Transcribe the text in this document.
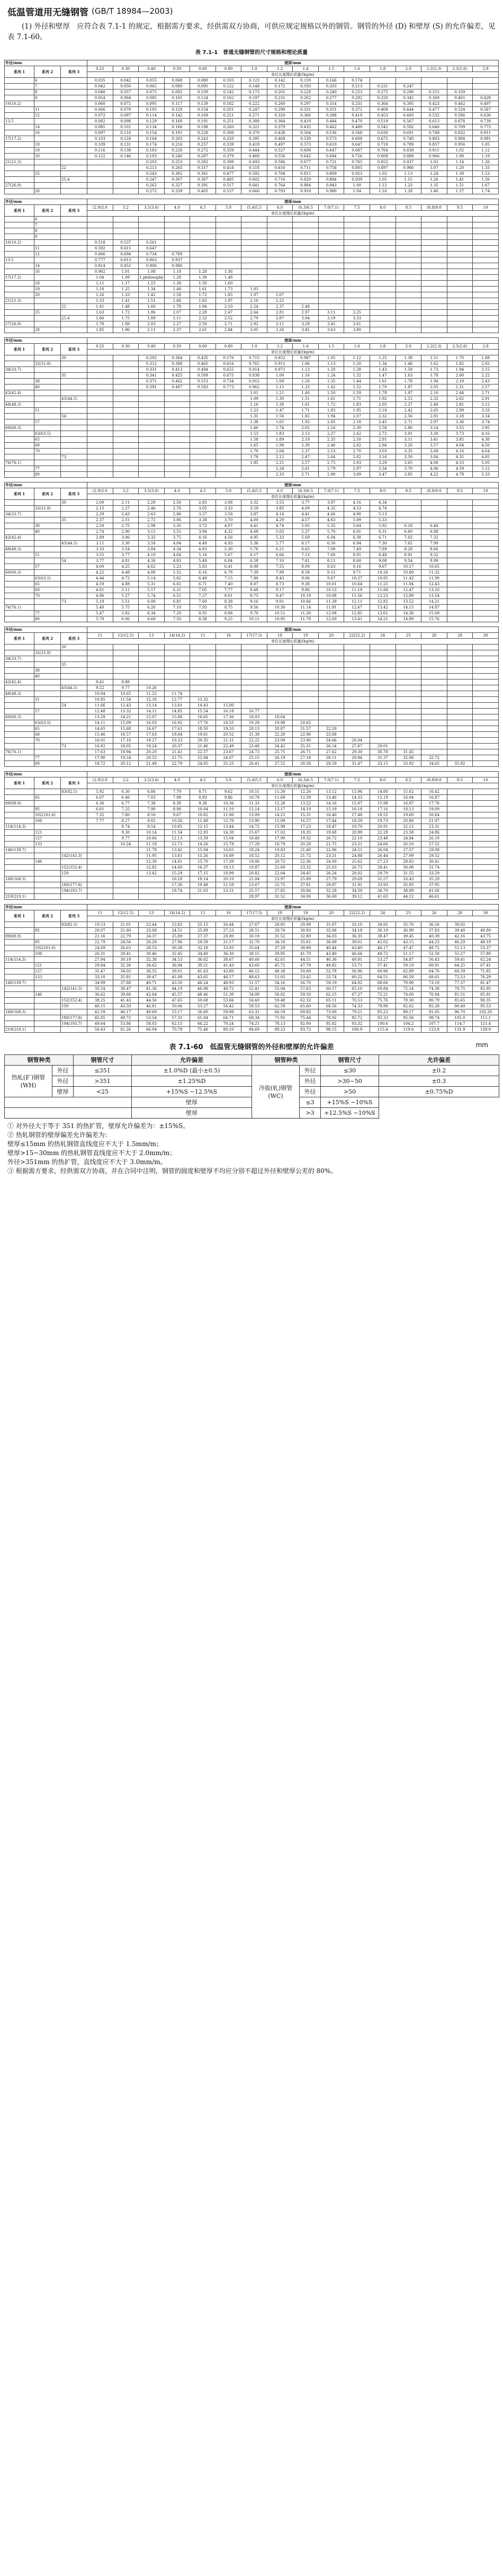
低温管道用无缝钢管 (GB/T 18984—2003)
(1) 外径和壁厚　应符合表 7.1-1 的规定，根据需方要求，经供需双方协商，可供应规定规格以外的钢管。钢管的外径 (D) 和壁厚 (S) 的允许偏差，见表 7.1-60。
表 7.1-1　普通无缝钢管的尺寸规格和理论质量
外径/mm			壁厚/mm															
系列 1	系列 2	系列 3	0.25	0.30	0.40	0.50	0.60	0.80	1.0	1.2	1.4	1.5	1.6	1.8	2.0	2.2(2.3)	2.5(2.6)	2.8
			单位长度理论质量/(kg/m)															
	6		0.035	0.042	0.055	0.068	0.080	0.103	0.123	0.142	0.159	0.166	0.174					
	7		0.042	0.050	0.065	0.080	0.095	0.122	0.148	0.172	0.193	0.203	0.213	0.231	0.247			
	8		0.048	0.057	0.075	0.092	0.109	0.142	0.173	0.201	0.228	0.240	0.253	0.275	0.296	0.315	0.339	
	9		0.054	0.064	0.085	0.105	0.124	0.162	0.197	0.231	0.262	0.277	0.292	0.320	0.345	0.369	0.401	0.428
10(10.2)			0.060	0.072	0.095	0.117	0.139	0.182	0.222	0.260	0.297	0.314	0.331	0.364	0.395	0.423	0.462	0.497
	11		0.066	0.079	0.105	0.129	0.154	0.201	0.247	0.290	0.331	0.351	0.371	0.408	0.444	0.477	0.524	0.567
	12		0.072	0.087	0.114	0.142	0.169	0.221	0.271	0.320	0.366	0.388	0.410	0.453	0.493	0.532	0.586	0.636
13.5			0.082	0.098	0.129	0.160	0.191	0.251	0.308	0.364	0.418	0.444	0.470	0.519	0.567	0.613	0.678	0.739
	14		0.085	0.101	0.134	0.166	0.198	0.260	0.321	0.379	0.435	0.462	0.489	0.542	0.592	0.640	0.709	0.773
	16		0.097	0.116	0.154	0.191	0.228	0.300	0.370	0.438	0.504	0.536	0.568	0.630	0.691	0.749	0.832	0.911
17(17.2)			0.103	0.124	0.164	0.203	0.243	0.320	0.395	0.468	0.539	0.573	0.608	0.675	0.740	0.803	0.894	0.981
	18		0.109	0.131	0.174	0.216	0.257	0.339	0.419	0.497	0.573	0.610	0.647	0.719	0.789	0.857	0.956	1.05
	19		0.116	0.138	0.183	0.228	0.272	0.359	0.444	0.527	0.608	0.647	0.687	0.764	0.838	0.911	1.02	1.12
	20		0.122	0.146	0.193	0.240	0.287	0.379	0.469	0.556	0.642	0.684	0.726	0.808	0.888	0.966	1.08	1.19
21(21.3)					0.203	0.253	0.302	0.399	0.493	0.586	0.677	0.721	0.765	0.852	0.937	1.02	1.14	1.26
		22			0.213	0.265	0.317	0.418	0.518	0.616	0.711	0.758	0.805	0.897	0.986	1.07	1.20	1.33
	25				0.243	0.302	0.361	0.477	0.592	0.704	0.815	0.869	0.923	1.03	1.13	1.24	1.39	1.53
		25.4			0.247	0.307	0.367	0.485	0.602	0.716	0.829	0.884	0.939	1.05	1.15	1.26	1.41	1.56
27(26.9)					0.262	0.327	0.391	0.517	0.641	0.764	0.884	0.943	1.00	1.12	1.23	1.35	1.51	1.67
	28				0.272	0.339	0.405	0.537	0.666	0.793	0.918	0.980	1.04	1.16	1.28	1.40	1.57	1.74
外径/mm			壁厚/mm															
系列 1	系列 2	系列 3	(2.9)3.0	3.2	3.5(3.6)	4.0	4.5	5.0	(5.4)5.5	6.0	(6.3)6.5	7.0(7.1)	7.5	8.0	8.5	(8.8)9.0	9.5	10
			单位长度理论质量/(kg/m)															
	6																	
	7																	
	8																	
	9																	
10(10.2)			0.518	0.537	0.561													
	11		0.592	0.615	0.647													
	12		0.666	0.694	0.734	0.789												
13.5			0.777	0.813	0.863	0.937												
	14		0.814	0.852	0.906	0.986												
	16		0.962	1.01	1.08	1.18	1.28	1.36										
17(17.2)			1.04	1.09	1.philosophy	1.28	1.39	1.48										
	18		1.11	1.17	1.25	1.38	1.50	1.60										
	19		1.18	1.25	1.34	1.48	1.61	1.73	1.83									
	20		1.26	1.33	1.42	1.58	1.72	1.85	1.97	2.07								
21(21.3)			1.33	1.41	1.51	1.68	1.83	1.97	2.10	2.22								
		22	1.41	1.48	1.60	1.78	1.94	2.10	2.24	2.37	2.48							
	25		1.63	1.72	1.86	2.07	2.28	2.47	2.64	2.81	2.97	3.11	3.25					
		25.4	1.66	1.75	1.89	2.11	2.32	2.52	2.70	2.87	3.04	3.19	3.33					
27(26.9)			1.78	1.88	2.03	2.27	2.50	2.71	2.92	3.11	3.29	3.45	3.61					
	28		1.85	1.96	2.11	2.37	2.61	2.84	3.05	3.26	3.45	3.63	3.80					
外径/mm			壁厚/mm															
系列 1	系列 2	系列 3	0.25	0.30	0.40	0.50	0.60	0.80	1.0	1.2	1.4	1.5	1.6	1.8	2.0	2.2(2.3)	2.5(2.6)	2.8
			单位长度理论质量/(kg/m)															
		30			0.292	0.364	0.435	0.576	0.715	0.852	0.987	1.05	1.12	1.25	1.38	1.51	1.70	1.88
	32(31.8)				0.312	0.388	0.465	0.616	0.765	0.911	1.06	1.13	1.20	1.34	1.48	1.62	1.82	2.02
34(33.7)					0.331	0.413	0.494	0.655	0.814	0.971	1.13	1.20	1.28	1.43	1.58	1.73	1.94	2.15
		35			0.341	0.425	0.509	0.675	0.838	1.00	1.16	1.24	1.32	1.47	1.63	1.78	2.00	2.22
	38				0.371	0.462	0.553	0.734	0.912	1.09	1.26	1.35	1.44	1.61	1.78	1.94	2.19	2.43
	40				0.391	0.487	0.583	0.773	0.962	1.15	1.33	1.42	1.52	1.70	1.87	2.05	2.31	2.57
42(42.4)									1.01	1.21	1.40	1.50	1.59	1.78	1.97	2.16	2.44	2.71
		45(44.5)							1.09	1.30	1.51	1.61	1.71	1.92	2.12	2.32	2.62	2.91
48(48.3)									1.16	1.38	1.61	1.72	1.83	2.05	2.27	2.48	2.81	3.12
	51								1.23	1.47	1.71	1.83	1.95	2.18	2.42	2.65	2.99	3.33
		54							1.31	1.56	1.82	1.94	2.07	2.32	2.56	2.81	3.18	3.54
	57								1.38	1.65	1.92	2.05	2.18	2.45	2.71	2.97	3.36	3.74
60(60.3)									1.46	1.74	2.02	2.16	2.30	2.58	2.86	3.14	3.55	3.95
	63(63.5)								1.53	1.83	2.13	2.27	2.42	2.72	3.01	3.30	3.73	4.16
	65								1.58	1.89	2.19	2.35	2.50	2.81	3.11	3.41	3.85	4.30
	68								1.65	1.98	2.30	2.46	2.62	2.94	3.26	3.57	4.04	4.50
	70								1.70	2.04	2.37	2.53	2.70	3.03	3.35	3.68	4.16	4.64
		73							1.78	2.12	2.47	2.64	2.82	3.16	3.50	3.84	4.35	4.85
76(76.1)									1.85	2.21	2.57	2.75	2.93	3.29	3.65	4.00	4.53	5.05
	77									2.24	2.61	2.79	2.97	3.34	3.70	4.06	4.59	5.12
	80									2.33	2.71	2.90	3.09	3.47	3.85	4.22	4.78	5.33
外径/mm			壁厚/mm															
系列 1	系列 2	系列 3	(2.9)3.0	3.2	3.5(3.6)	4.0	4.5	5.0	(5.4)5.5	6.0	(6.3)6.5	7.0(7.1)	7.5	8.0	8.5	(8.8)9.0	9.5	10
			单位长度理论质量/(kg/m)															
		30	2.00	2.11	2.29	2.56	2.83	3.08	3.32	3.55	3.77	3.97	4.16	4.34				
	32(31.8)		2.15	2.27	2.46	2.76	3.05	3.33	3.59	3.85	4.09	4.32	4.53	4.74				
34(33.7)			2.29	2.43	2.63	2.96	3.27	3.58	3.87	4.14	4.41	4.66	4.90	5.13				
		35	2.37	2.51	2.72	3.06	3.38	3.70	4.00	4.29	4.57	4.83	5.09	5.33				
	38		2.59	2.75	2.98	3.35	3.72	4.07	4.41	4.74	5.05	5.35	5.64	5.92	6.18	6.44		
	40		2.74	2.90	3.15	3.55	3.94	4.32	4.68	5.03	5.37	5.70	6.01	6.31	6.60	6.88		
42(42.4)			2.89	3.06	3.32	3.75	4.16	4.56	4.95	5.33	5.69	6.04	6.38	6.71	7.02	7.32		
		45(44.5)	3.11	3.30	3.58	4.04	4.49	4.93	5.36	5.77	6.17	6.56	6.94	7.30	7.65	7.99		
48(48.3)			3.33	3.54	3.84	4.34	4.83	5.30	5.76	6.21	6.65	7.08	7.49	7.89	8.28	8.66		
	51		3.55	3.77	4.10	4.64	5.16	5.67	6.17	6.66	7.13	7.60	8.05	8.48	8.91	9.32		
		54	3.77	4.01	4.36	4.93	5.49	6.04	6.58	7.10	7.61	8.11	8.60	9.08	9.54	9.99		
	57		4.00	4.25	4.62	5.23	5.83	6.41	6.99	7.55	8.09	8.63	9.16	9.67	10.17	10.65		
60(60.3)			4.22	4.48	4.88	5.52	6.16	6.78	7.39	7.99	8.58	9.15	9.71	10.26	10.80	11.32		
	63(63.5)		4.44	4.72	5.14	5.82	6.49	7.15	7.80	8.43	9.06	9.67	10.27	10.85	11.42	11.99		
	65		4.59	4.88	5.31	6.02	6.71	7.40	8.07	8.73	9.38	10.01	10.64	11.25	11.84	12.43		
	68		4.81	5.11	5.57	6.31	7.05	7.77	8.48	9.17	9.86	10.53	11.19	11.84	12.47	13.10		
	70		4.96	5.27	5.74	6.51	7.27	8.01	8.75	9.47	10.18	10.88	11.56	12.23	12.89	13.54		
		73	5.18	5.51	6.00	6.81	7.60	8.38	9.16	9.91	10.66	11.39	12.11	12.82	13.52	14.21		
76(76.1)			5.40	5.75	6.26	7.10	7.93	8.75	9.56	10.36	11.14	11.91	12.67	13.42	14.15	14.87		
	77		5.47	5.82	6.34	7.20	8.05	8.88	9.70	10.51	11.30	12.08	12.85	13.61	14.36	15.09		
	80		5.70	6.06	6.60	7.50	8.38	9.25	10.11	10.95	11.78	12.60	13.41	14.21	14.99	15.76		
外径/mm			壁厚/mm															
系列 1	系列 2	系列 3	11	12(12.5)	13	14(14.2)	15	16	17(17.5)	18	19	20	22(22.2)	24	25	26	28	30
			单位长度理论质量/(kg/m)															
		30																
	32(31.8)																	
34(33.7)																		
		35																
	38																	
	40																	
42(42.4)			8.41	8.88														
		45(44.5)	9.22	9.77	10.26													
48(48.3)			10.04	10.65	11.22	11.74												
	51		10.85	11.54	12.18	12.77	13.32											
		54	11.66	12.43	13.14	13.81	14.43	15.00										
	57		12.48	13.32	14.11	14.85	15.54	16.18	16.77									
60(60.3)			13.29	14.21	15.07	15.88	16.65	17.36	18.03	18.64								
	63(63.5)		14.11	15.09	16.03	16.92	17.76	18.55	19.29	19.98	20.62							
	65		14.65	15.68	16.67	17.61	18.50	19.33	20.13	20.87	21.57	22.20						
	68		15.46	16.57	17.63	18.64	19.61	20.52	21.38	22.20	22.96	23.68						
	70		16.01	17.16	18.27	19.33	20.35	21.31	22.22	23.09	23.90	24.66	26.04					
		73	16.82	18.05	19.24	20.37	21.46	22.49	23.48	24.42	25.31	26.14	27.67	29.01				
76(76.1)			17.63	18.94	20.20	21.41	22.57	23.67	24.73	25.75	26.71	27.62	29.30	30.78	31.45			
	77		17.90	19.24	20.52	21.75	22.94	24.07	25.15	26.19	27.18	28.11	29.84	31.37	32.06	32.72		
	80		18.72	20.12	21.48	22.79	24.05	25.25	26.41	27.52	28.58	29.59	31.47	33.15	33.92	34.65	35.92	
外径/mm			壁厚/mm															
系列 1	系列 2	系列 3	(2.9)3.0	3.2	3.5(3.6)	4.0	4.5	5.0	(5.4)5.5	6.0	(6.3)6.5	7.0(7.1)	7.5	8.0	8.5	(8.8)9.0	9.5	10
			单位长度理论质量/(kg/m)															
		83(82.5)	5.92	6.30	6.86	7.79	8.71	9.62	10.51	11.39	12.26	13.12	13.96	14.80	15.62	16.42		
	85		6.07	6.46	7.03	7.99	8.93	9.86	10.78	11.69	12.58	13.46	14.33	15.19	16.04	16.87		
89(88.9)			6.36	6.77	7.38	8.38	9.38	10.36	11.33	12.28	13.22	14.16	15.07	15.98	16.87	17.76		
	95		6.81	7.25	7.90	8.98	10.04	11.10	12.14	13.17	14.19	15.19	16.18	17.16	18.13	19.09		
	102(101.6)		7.32	7.80	8.50	9.67	10.82	11.96	13.09	14.21	15.31	16.40	17.48	18.55	19.60	20.64		
	108		7.77	8.27	9.02	10.26	11.49	12.70	13.90	15.09	16.27	17.44	18.59	19.73	20.86	21.97		
114(114.3)				8.74	9.54	10.85	12.15	13.44	14.72	15.98	17.23	18.47	19.70	20.91	22.12	23.31		
	121			9.30	10.14	11.54	12.93	14.30	15.67	17.02	18.35	19.68	20.99	22.29	23.58	24.86		
	127			9.77	10.66	12.13	13.59	15.04	16.48	17.90	19.32	20.72	22.10	23.48	24.84	26.19		
	133			10.24	11.18	12.73	14.26	15.78	17.29	18.79	20.28	21.75	23.21	24.66	26.10	27.52		
140(139.7)					11.78	13.42	15.04	16.65	18.24	19.83	21.40	22.96	24.51	26.04	27.57	29.08		
		142(141.3)			11.95	13.61	15.26	16.89	18.52	20.12	21.72	23.31	24.88	26.44	27.99	29.52		
	146				12.30	14.01	15.70	17.39	19.06	20.72	22.36	24.00	25.62	27.23	28.83	30.41		
		152(152.4)			12.82	14.60	16.37	18.13	19.87	21.60	23.32	25.03	26.73	28.41	30.08	31.74		
		159			13.42	15.29	17.15	18.99	20.82	22.64	24.45	26.24	28.02	29.79	31.55	33.29		
168(168.3)						16.18	18.14	20.10	22.04	23.97	25.89	27.79	29.69	31.57	33.43	35.29		
		180(177.8)				17.36	19.48	21.58	23.67	25.75	27.81	29.87	31.91	33.93	35.95	37.95		
		194(193.7)				18.74	21.03	23.31	25.57	27.82	30.06	32.28	34.50	36.70	38.89	41.06		
219(219.1)									28.97	31.52	34.06	36.60	39.12	41.63	44.12	46.61		
外径/mm			壁厚/mm															
系列 1	系列 2	系列 3	11	12(12.5)	13	14(14.2)	15	16	17(17.5)	18	19	20	22(22.2)	24	25	26	28	30
			单位长度理论质量/(kg/m)															
		83(82.5)	19.53	21.01	22.44	23.82	25.15	26.44	27.67	28.85	29.99	31.07	33.10	34.92	35.76	36.56	38.02	
	85		20.07	21.60	23.08	24.51	25.89	27.23	28.51	29.74	30.93	32.06	34.18	36.10	36.99	37.83	39.40	40.80
89(88.9)			21.16	22.79	24.37	25.89	27.37	28.80	30.19	31.52	32.80	34.03	36.35	38.47	39.45	40.39	42.16	43.75
	95		22.79	24.56	26.29	27.96	29.59	31.17	32.70	34.18	35.61	36.99	39.61	42.02	43.15	44.23	46.29	48.19
	102(101.6)		24.69	26.63	28.53	30.38	32.18	33.93	35.64	37.29	38.89	40.44	43.40	46.17	47.47	48.72	51.13	53.37
	108		26.31	28.41	30.46	32.45	34.40	36.30	38.15	39.95	41.70	43.40	46.66	49.72	51.17	52.58	55.27	57.80
114(114.3)			27.94	30.19	32.38	34.53	36.62	38.67	40.66	42.61	44.51	46.36	49.91	53.27	54.87	56.43	59.41	62.24
	121		29.84	32.26	34.62	36.94	39.21	41.43	43.60	45.72	47.79	49.82	53.71	57.41	59.19	60.91	64.25	67.41
	127		31.47	34.03	36.55	39.01	41.43	43.80	46.12	48.38	50.60	52.78	56.96	60.96	62.89	64.76	68.39	71.85
	133		33.10	35.81	38.47	41.08	43.65	46.17	48.63	51.05	53.42	55.74	60.22	64.51	66.59	68.61	72.53	76.29
140(139.7)			34.99	37.88	40.71	43.50	46.24	48.93	51.57	54.16	56.70	59.19	64.02	68.66	70.90	73.10	77.37	81.47
		142(141.3)	35.54	38.47	41.36	44.19	46.98	49.72	52.41	55.04	57.63	60.17	65.10	69.84	72.14	74.38	78.75	82.95
	146		36.62	39.66	42.64	45.57	48.46	51.30	54.08	56.82	59.50	62.15	67.27	72.21	74.60	76.94	81.51	85.91
		152(152.4)	38.25	41.43	44.56	47.65	50.68	53.66	56.60	59.48	62.32	65.11	70.53	75.76	78.30	80.79	85.65	90.35
		159	40.15	43.50	46.81	50.06	53.27	56.42	59.53	62.59	65.60	68.56	74.33	79.90	82.62	85.28	90.49	95.53
168(168.3)			42.59	46.17	49.69	53.17	56.60	59.98	63.31	66.59	69.82	73.00	79.21	85.23	88.17	91.05	96.70	102.20
		180(177.8)	45.85	49.72	53.54	57.31	61.04	64.71	68.34	71.91	75.44	78.92	85.72	92.33	95.56	98.74	105.0	111.1
		194(193.7)	49.64	53.86	58.03	62.15	66.22	70.24	74.21	78.13	82.00	85.82	93.32	100.6	104.2	107.7	114.7	121.4
219(219.1)			56.43	61.26	66.04	70.78	75.46	80.10	84.69	89.23	93.72	98.15	106.9	115.4	119.6	123.8	131.9	139.9
表 7.1-60　低温管无缝钢管的外径和壁厚的允许偏差	mm
钢管种类		钢管尺寸	允许偏差	钢管种类		钢管尺寸	允许偏差
热轧(扩)钢管(WH)	外径	≤351	±1.0%D (最小±0.5)	冷拔(轧)钢管(WC)	外径	≤30	±0.2
	外径	>351	±1.25%D		外径	>30~50	±0.3
	壁厚	<25	+15%S −12.5%S		外径	>50	±0.75%D
			壁厚		≤3	+15%S −10%S	
			壁厚		>3	+12.5%S −10%S	
① 对外径大于等于 351 的热扩管，壁厚允许偏差为：±15%S。
② 热轧钢管的壁厚偏差允许偏差为：
壁厚≤15mm 的热轧钢管直线度应不大于 1.5mm/m；
壁厚>15~30mm 的热轧钢管直线度应不大于 2.0mm/m；
外径>351mm 的热扩管，直线度应不大于 3.0mm/m。
③ 根据需方要求，经供需双方协商，并在合同中注明，钢管的圆度和壁厚不均应分别不超过外径和壁厚公差的 80%。
